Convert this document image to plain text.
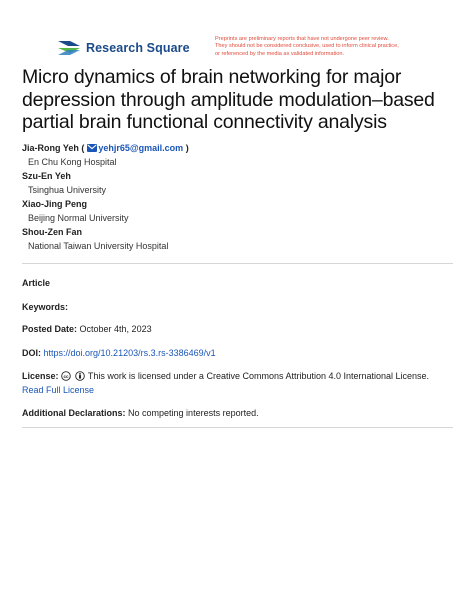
Research Square
Preprints are preliminary reports that have not undergone peer review.
They should not be considered conclusive, used to inform clinical practice,
or referenced by the media as validated information.
Micro dynamics of brain networking for major
depression through amplitude modulation–based
partial brain functional connectivity analysis
Jia-Rong Yeh ( yehjr65@gmail.com )
En Chu Kong Hospital
Szu-En Yeh
Tsinghua University
Xiao-Jing Peng
Beijing Normal University
Shou-Zen Fan
National Taiwan University Hospital
Article
Keywords:
Posted Date: October 4th, 2023
DOI: https://doi.org/10.21203/rs.3.rs-3386469/v1
License: cc This work is licensed under a Creative Commons Attribution 4.0 International License.
Read Full License
Additional Declarations: No competing interests reported.
